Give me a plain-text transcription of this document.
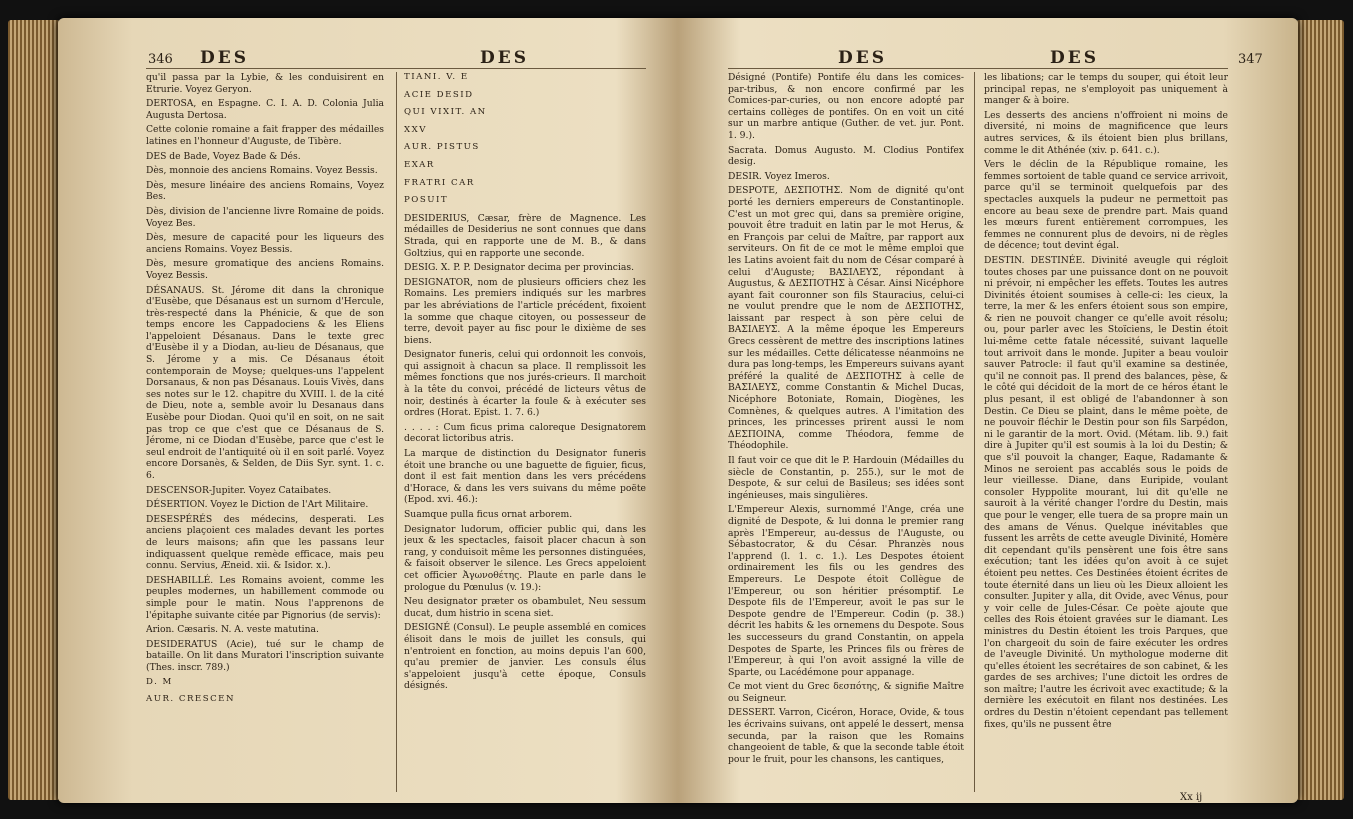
346 DES	DES

qu'il passa par la Lybie, & les conduisirent en Etrurie. Voyez Geryon.

DERTOSA, en Espagne. C. I. A. D. Colonia Julia Augusta Dertosa.

Cette colonie romaine a fait frapper des médailles latines en l'honneur d'Auguste, de Tibère.

DES de Bade, Voyez Bade & Dés.

Dès, monnoie des anciens Romains. Voyez Bessis.

Dès, mesure linéaire des anciens Romains, Voyez Bes.

Dès, division de l'ancienne livre Romaine de poids. Voyez Bes.

Dès, mesure de capacité pour les liqueurs des anciens Romains. Voyez Bessis.

Dès, mesure gromatique des anciens Romains. Voyez Bessis.

DÉSANAUS. St. Jérome dit dans la chronique d'Eusèbe, que Désanaus est un surnom d'Hercule, très-respecté dans la Phénicie, & que de son temps encore les Cappadociens & les Eliens l'appeloient Désanaus. Dans le texte grec d'Eusèbe il y a Diodan, au-lieu de Désanaus, que S. Jérome y a mis. Ce Désanaus étoit contemporain de Moyse; quelques-uns l'appelent Dorsanaus, & non pas Désanaus. Louis Vivès, dans ses notes sur le 12. chapitre du XVIII. l. de la cité de Dieu, note a, semble avoir lu Desanaus dans Eusèbe pour Diodan. Quoi qu'il en soit, on ne sait pas trop ce que c'est que ce Désanaus de S. Jérome, ni ce Diodan d'Eusèbe, parce que c'est le seul endroit de l'antiquité où il en soit parlé. Voyez encore Dorsanès, & Selden, de Diis Syr. synt. 1. c. 6.

DESCENSOR-Jupiter. Voyez Cataibates.

DÉSERTION. Voyez le Diction de l'Art Militaire.

DESESPÉRÉS des médecins, desperati. Les anciens plaçoient ces malades devant les portes de leurs maisons; afin que les passans leur indiquassent quelque remède efficace, mais peu connu. Servius, Æneid. xii. & Isidor. x.).

DESHABILLÉ. Les Romains avoient, comme les peuples modernes, un habillement commode ou simple pour le matin. Nous l'apprenons de l'épitaphe suivante citée par Pignorius (de servis):

Arion. Cæsaris. N. A. veste matutina.

DESIDERATUS (Acie), tué sur le champ de bataille. On lit dans Muratori l'inscription suivante (Thes. inscr. 789.)

D. M

AUR. CRESCEN

TIANI. V. E

ACIE DESID

QUI VIXIT. AN

XXV

AUR. PISTUS

EXAR

FRATRI CAR

POSUIT

DESIDERIUS, Cæsar, frère de Magnence. Les médailles de Desiderius ne sont connues que dans Strada, qui en rapporte une de M. B., & dans Goltzius, qui en rapporte une seconde.

DESIG. X. P. P. Designator decima per provincias.

DESIGNATOR, nom de plusieurs officiers chez les Romains. Les premiers indiqués sur les marbres par les abréviations de l'article précédent, fixoient la somme que chaque citoyen, ou possesseur de terre, devoit payer au fisc pour le dixième de ses biens.

Designator funeris, celui qui ordonnoit les convois, qui assignoit à chacun sa place. Il remplissoit les mêmes fonctions que nos jurés-crieurs. Il marchoit à la tête du convoi, précédé de licteurs vêtus de noir, destinés à écarter la foule & à exécuter ses ordres (Horat. Epist. 1. 7. 6.)

. . . . : Cum ficus prima caloreque Designatorem decorat lictoribus atris.

La marque de distinction du Designator funeris étoit une branche ou une baguette de figuier, ficus, dont il est fait mention dans les vers précédens d'Horace, & dans les vers suivans du même poëte (Epod. xvi. 46.):

Suamque pulla ficus ornat arborem.

Designator ludorum, officier public qui, dans les jeux & les spectacles, faisoit placer chacun à son rang, y conduisoit même les personnes distinguées, & faisoit observer le silence. Les Grecs appeloient cet officier Ἀγωνοθέτης. Plaute en parle dans le prologue du Pœnulus (v. 19.):

Neu designator præter os obambulet, Neu sessum ducat, dum histrio in scena siet.

DESIGNÉ (Consul). Le peuple assemblé en comices élisoit dans le mois de juillet les consuls, qui n'entroient en fonction, au moins depuis l'an 600, qu'au premier de janvier. Les consuls élus s'appeloient jusqu'à cette époque, Consuls désignés.

DES	DES	347

Désigné (Pontife) Pontife élu dans les comices-par-tribus, & non encore confirmé par les Comices-par-curies, ou non encore adopté par certains collèges de pontifes. On en voit un cité sur un marbre antique (Guther. de vet. jur. Pont. 1. 9.).

Sacrata. Domus Augusto. M. Clodius Pontifex desig.

DESIR. Voyez Imeros.

DESPOTE, ΔΕΣΠΟΤΗΣ. Nom de dignité qu'ont porté les derniers empereurs de Constantinople. C'est un mot grec qui, dans sa première origine, pouvoit être traduit en latin par le mot Herus, & en François par celui de Maître, par rapport aux serviteurs. On fit de ce mot le même emploi que les Latins avoient fait du nom de César comparé à celui d'Auguste; ΒΑΣΙΛΕΥΣ, répondant à Augustus, & ΔΕΣΠΟΤΗΣ à César. Ainsi Nicéphore ayant fait couronner son fils Stauracius, celui-ci ne voulut prendre que le nom de ΔΕΣΠΟΤΗΣ, laissant par respect à son père celui de ΒΑΣΙΛΕΥΣ. A la même époque les Empereurs Grecs cessèrent de mettre des inscriptions latines sur les médailles. Cette délicatesse néanmoins ne dura pas long-temps, les Empereurs suivans ayant préféré la qualité de ΔΕΣΠΟΤΗΣ à celle de ΒΑΣΙΛΕΥΣ, comme Constantin & Michel Ducas, Nicéphore Botoniate, Romain, Diogènes, les Comnènes, & quelques autres. A l'imitation des princes, les princesses prirent aussi le nom ΔΕΣΠΟΙΝΑ, comme Théodora, femme de Théodophile.

Il faut voir ce que dit le P. Hardouin (Médailles du siècle de Constantin, p. 255.), sur le mot de Despote, & sur celui de Basileus; ses idées sont ingénieuses, mais singulières.

L'Empereur Alexis, surnommé l'Ange, créa une dignité de Despote, & lui donna le premier rang après l'Empereur, au-dessus de l'Auguste, ou Sébastocrator, & du César. Phranzès nous l'apprend (l. 1. c. 1.). Les Despotes étoient ordinairement les fils ou les gendres des Empereurs. Le Despote étoit Collègue de l'Empereur, ou son héritier présomptif. Le Despote fils de l'Empereur, avoit le pas sur le Despote gendre de l'Empereur. Codin (p. 38.) décrit les habits & les ornemens du Despote. Sous les successeurs du grand Constantin, on appela Despotes de Sparte, les Princes fils ou frères de l'Empereur, à qui l'on avoit assigné la ville de Sparte, ou Lacédémone pour appanage.

Ce mot vient du Grec δεσπότης, & signifie Maître ou Seigneur.

DESSERT. Varron, Cicéron, Horace, Ovide, & tous les écrivains suivans, ont appelé le dessert, mensa secunda, par la raison que les Romains changeoient de table, & que la seconde table étoit pour le fruit, pour les chansons, les cantiques,

les libations; car le temps du souper, qui étoit leur principal repas, ne s'employoit pas uniquement à manger & à boire.

Les desserts des anciens n'offroient ni moins de diversité, ni moins de magnificence que leurs autres services, & ils étoient bien plus brillans, comme le dit Athénée (xiv. p. 641. c.).

Vers le déclin de la République romaine, les femmes sortoient de table quand ce service arrivoit, parce qu'il se terminoit quelquefois par des spectacles auxquels la pudeur ne permettoit pas encore au beau sexe de prendre part. Mais quand les mœurs furent entièrement corrompues, les femmes ne connurent plus de devoirs, ni de règles de décence; tout devint égal.

DESTIN. DESTINÉE. Divinité aveugle qui régloit toutes choses par une puissance dont on ne pouvoit ni prévoir, ni empêcher les effets. Toutes les autres Divinités étoient soumises à celle-ci: les cieux, la terre, la mer & les enfers étoient sous son empire, & rien ne pouvoit changer ce qu'elle avoit résolu; ou, pour parler avec les Stoïciens, le Destin étoit lui-même cette fatale nécessité, suivant laquelle tout arrivoit dans le monde. Jupiter a beau vouloir sauver Patrocle: il faut qu'il examine sa destinée, qu'il ne connoit pas. Il prend des balances, pèse, & le côté qui décidoit de la mort de ce héros étant le plus pesant, il est obligé de l'abandonner à son Destin. Ce Dieu se plaint, dans le même poète, de ne pouvoir fléchir le Destin pour son fils Sarpédon, ni le garantir de la mort. Ovid. (Métam. lib. 9.) fait dire à Jupiter qu'il est soumis à la loi du Destin; & que s'il pouvoit la changer, Eaque, Radamante & Minos ne seroient pas accablés sous le poids de leur vieillesse. Diane, dans Euripide, voulant consoler Hyppolite mourant, lui dit qu'elle ne sauroit à la vérité changer l'ordre du Destin, mais que pour le venger, elle tuera de sa propre main un des amans de Vénus. Quelque inévitables que fussent les arrêts de cette aveugle Divinité, Homère dit cependant qu'ils pensèrent une fois être sans exécution; tant les idées qu'on avoit à ce sujet étoient peu nettes. Ces Destinées étoient écrites de toute éternité dans un lieu où les Dieux alloient les consulter. Jupiter y alla, dit Ovide, avec Vénus, pour y voir celle de Jules-César. Ce poète ajoute que celles des Rois étoient gravées sur le diamant. Les ministres du Destin étoient les trois Parques, que l'on chargeoit du soin de faire exécuter les ordres de l'aveugle Divinité. Un mythologue moderne dit qu'elles étoient les secrétaires de son cabinet, & les gardes de ses archives; l'une dictoit les ordres de son maître; l'autre les écrivoit avec exactitude; & la dernière les exécutoit en filant nos destinées. Les ordres du Destin n'étoient cependant pas tellement fixes, qu'ils ne pussent être

Xx ij
